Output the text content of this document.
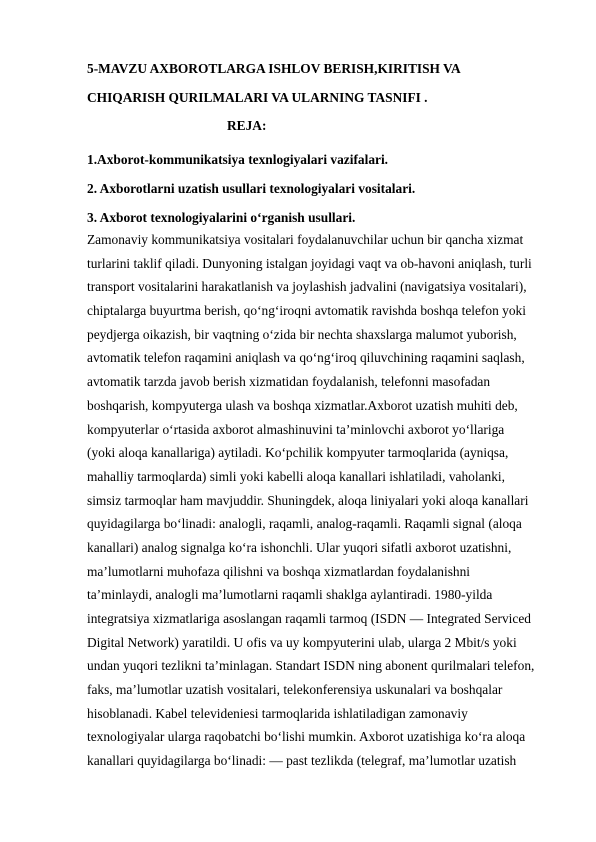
5-MAVZU AXBOROTLARGA ISHLOV BERISH,KIRITISH VA
CHIQARISH QURILMALARI VA ULARNING TASNIFI .
REJA:
1.Axborot-kommunikatsiya texnlogiyalari vazifalari.
2. Axborotlarni uzatish usullari texnologiyalari vositalari.
3. Axborot texnologiyalarini o‘rganish usullari.
Zamonaviy kommunikatsiya vositalari foydalanuvchilar uchun bir qancha xizmat
turlarini taklif qiladi. Dunyoning istalgan joyidagi vaqt va ob-havoni aniqlash, turli
transport vositalarini harakatlanish va joylashish jadvalini (navigatsiya vositalari),
chiptalarga buyurtma berish, qo‘ng‘iroqni avtomatik ravishda boshqa telefon yoki
peydjerga oikazish, bir vaqtning o‘zida bir nechta shaxslarga malumot yuborish,
avtomatik telefon raqamini aniqlash va qo‘ng‘iroq qiluvchining raqamini saqlash,
avtomatik tarzda javob berish xizmatidan foydalanish, telefonni masofadan
boshqarish, kompyuterga ulash va boshqa xizmatlar.Axborot uzatish muhiti deb,
kompyuterlar o‘rtasida axborot almashinuvini ta’minlovchi axborot yo‘llariga
(yoki aloqa kanallariga) aytiladi. Ko‘pchilik kompyuter tarmoqlarida (ayniqsa,
mahalliy tarmoqlarda) simli yoki kabelli aloqa kanallari ishlatiladi, vaholanki,
simsiz tarmoqlar ham mavjuddir. Shuningdek, aloqa liniyalari yoki aloqa kanallari
quyidagilarga bo‘linadi: analogli, raqamli, analog-raqamli. Raqamli signal (aloqa
kanallari) analog signalga ko‘ra ishonchli. Ular yuqori sifatli axborot uzatishni,
ma’lumotlarni muhofaza qilishni va boshqa xizmatlardan foydalanishni
ta’minlaydi, analogli ma’lumotlarni raqamli shaklga aylantiradi. 1980-yilda
integratsiya xizmatlariga asoslangan raqamli tarmoq (ISDN — Integrated Serviced
Digital Network) yaratildi. U ofis va uy kompyuterini ulab, ularga 2 Mbit/s yoki
undan yuqori tezlikni ta’minlagan. Standart ISDN ning abonent qurilmalari telefon,
faks, ma’lumotlar uzatish vositalari, telekonferensiya uskunalari va boshqalar
hisoblanadi. Kabel televideniesi tarmoqlarida ishlatiladigan zamonaviy
texnologiyalar ularga raqobatchi bo‘lishi mumkin. Axborot uzatishiga ko‘ra aloqa
kanallari quyidagilarga bo‘linadi: — past tezlikda (telegraf, ma’lumotlar uzatish
